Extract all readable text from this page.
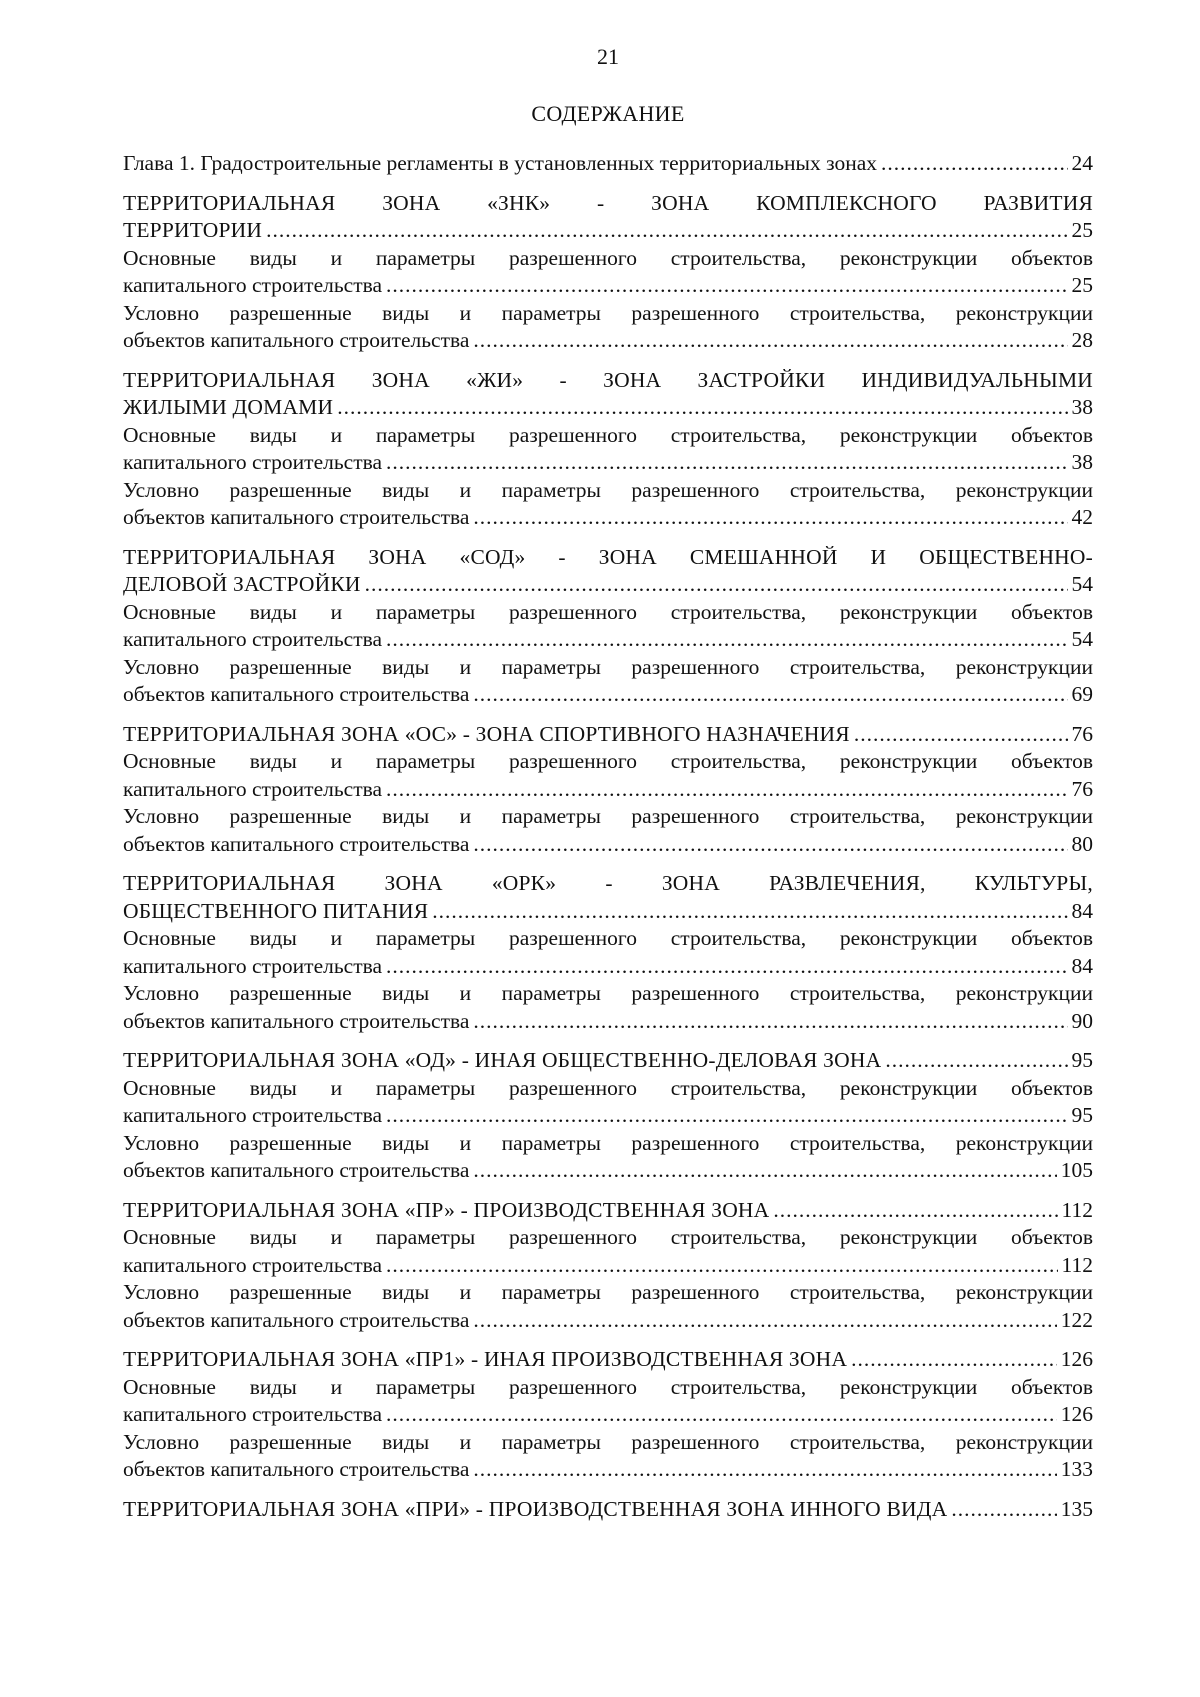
21
СОДЕРЖАНИЕ
Глава 1. Градостроительные регламенты в установленных территориальных зонах .....	24
ТЕРРИТОРИАЛЬНАЯ ЗОНА «ЗНК» - ЗОНА КОМПЛЕКСНОГО РАЗВИТИЯ
ТЕРРИТОРИИ .....	25
Основные виды и параметры разрешенного строительства, реконструкции объектов
капитального строительства .....	25
Условно разрешенные виды и параметры разрешенного строительства, реконструкции
объектов капитального строительства .....	28
ТЕРРИТОРИАЛЬНАЯ ЗОНА «ЖИ» - ЗОНА ЗАСТРОЙКИ ИНДИВИДУАЛЬНЫМИ
ЖИЛЫМИ ДОМАМИ .....	38
Основные виды и параметры разрешенного строительства, реконструкции объектов
капитального строительства .....	38
Условно разрешенные виды и параметры разрешенного строительства, реконструкции
объектов капитального строительства .....	42
ТЕРРИТОРИАЛЬНАЯ ЗОНА «СОД» - ЗОНА СМЕШАННОЙ И ОБЩЕСТВЕННО-
ДЕЛОВОЙ ЗАСТРОЙКИ .....	54
Основные виды и параметры разрешенного строительства, реконструкции объектов
капитального строительства .....	54
Условно разрешенные виды и параметры разрешенного строительства, реконструкции
объектов капитального строительства .....	69
ТЕРРИТОРИАЛЬНАЯ ЗОНА «ОС» - ЗОНА СПОРТИВНОГО НАЗНАЧЕНИЯ .....	76
Основные виды и параметры разрешенного строительства, реконструкции объектов
капитального строительства .....	76
Условно разрешенные виды и параметры разрешенного строительства, реконструкции
объектов капитального строительства .....	80
ТЕРРИТОРИАЛЬНАЯ ЗОНА «ОРК» - ЗОНА РАЗВЛЕЧЕНИЯ, КУЛЬТУРЫ,
ОБЩЕСТВЕННОГО ПИТАНИЯ .....	84
Основные виды и параметры разрешенного строительства, реконструкции объектов
капитального строительства .....	84
Условно разрешенные виды и параметры разрешенного строительства, реконструкции
объектов капитального строительства .....	90
ТЕРРИТОРИАЛЬНАЯ ЗОНА «ОД» - ИНАЯ ОБЩЕСТВЕННО-ДЕЛОВАЯ ЗОНА .....	95
Основные виды и параметры разрешенного строительства, реконструкции объектов
капитального строительства .....	95
Условно разрешенные виды и параметры разрешенного строительства, реконструкции
объектов капитального строительства .....	105
ТЕРРИТОРИАЛЬНАЯ ЗОНА «ПР» - ПРОИЗВОДСТВЕННАЯ ЗОНА .....	112
Основные виды и параметры разрешенного строительства, реконструкции объектов
капитального строительства .....	112
Условно разрешенные виды и параметры разрешенного строительства, реконструкции
объектов капитального строительства .....	122
ТЕРРИТОРИАЛЬНАЯ ЗОНА «ПР1» - ИНАЯ ПРОИЗВОДСТВЕННАЯ ЗОНА .....	126
Основные виды и параметры разрешенного строительства, реконструкции объектов
капитального строительства .....	126
Условно разрешенные виды и параметры разрешенного строительства, реконструкции
объектов капитального строительства .....	133
ТЕРРИТОРИАЛЬНАЯ ЗОНА «ПРИ» - ПРОИЗВОДСТВЕННАЯ ЗОНА ИННОГО ВИДА .....	135
